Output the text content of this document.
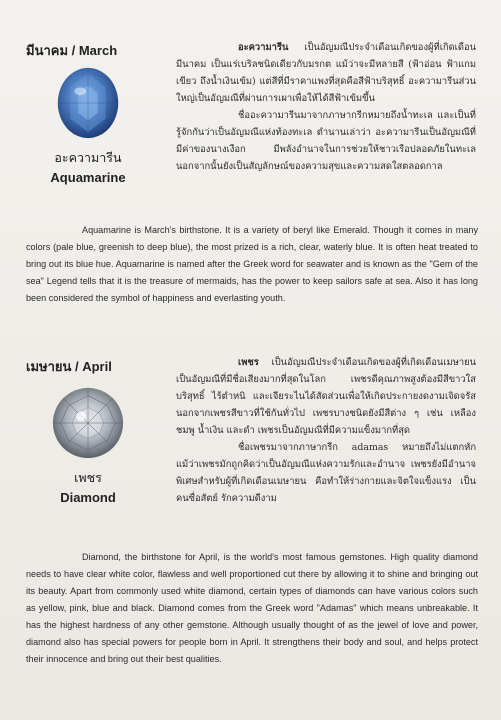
มีนาคม / March
อะความารีน
Aquamarine

อะความารีน เป็นอัญมณีประจำเดือนเกิดของผู้ที่เกิดเดือนมีนาคม เป็นแร่เบริลชนิดเดียวกับมรกต แม้ว่าจะมีหลายสี (ฟ้าอ่อน ฟ้าแกมเขียว ถึงน้ำเงินเข้ม) แต่สีที่มีราคาแพงที่สุดคือสีฟ้าบริสุทธิ์ อะความารีนส่วนใหญ่เป็นอัญมณีที่ผ่านการเผาเพื่อให้ได้สีฟ้าเข้มขึ้น

ชื่ออะความารีนมาจากภาษากรีกหมายถึงน้ำทะเล และเป็นที่รู้จักกันว่าเป็นอัญมณีแห่งท้องทะเล ตำนานเล่าว่า อะความารีนเป็นอัญมณีที่มีค่าของนางเงือก มีพลังอำนาจในการช่วยให้ชาวเรือปลอดภัยในทะเล นอกจากนั้นยังเป็นสัญลักษณ์ของความสุขและความสดใสตลอดกาล

Aquamarine is March's birthstone. It is a variety of beryl like Emerald. Though it comes in many colors (pale blue, greenish to deep blue), the most prized is a rich, clear, waterly blue. It is often heat treated to bring out its blue hue. Aquamarine is named after the Greek word for seawater and is known as the "Gem of the sea" Legend tells that it is the treasure of mermaids, has the power to keep sailors safe at sea. Also it has long been considered the symbol of happiness and everlasting youth.

เมษายน / April
เพชร
Diamond

เพชร เป็นอัญมณีประจำเดือนเกิดของผู้ที่เกิดเดือนเมษายน เป็นอัญมณีที่มีชื่อเสียงมากที่สุดในโลก เพชรดีคุณภาพสูงต้องมีสีขาวใสบริสุทธิ์ ไร้ตำหนิ และเจียระไนได้สัดส่วนเพื่อให้เกิดประกายงดงามเจิดจรัส นอกจากเพชรสีขาวที่ใช้กันทั่วไป เพชรบางชนิดยังมีสีต่าง ๆ เช่น เหลือง ชมพู น้ำเงิน และดำ เพชรเป็นอัญมณีที่มีความแข็งมากที่สุด

ชื่อเพชรมาจากภาษากรีก adamas หมายถึงไม่แตกหัก แม้ว่าเพชรมักถูกคิดว่าเป็นอัญมณีแห่งความรักและอำนาจ เพชรยังมีอำนาจพิเศษสำหรับผู้ที่เกิดเดือนเมษายน คือทำให้ร่างกายและจิตใจแข็งแรง เป็นคนซื่อสัตย์ รักความดีงาม

Diamond, the birthstone for April, is the world's most famous gemstones. High quality diamond needs to have clear white color, flawless and well proportioned cut there by allowing it to shine and bringing out its beauty. Apart from commonly used white diamond, certain types of diamonds can have various colors such as yellow, pink, blue and black. Diamond comes from the Greek word "Adamas" which means unbreakable. It has the highest hardness of any other gemstone. Although usually thought of as the jewel of love and power, diamond also has special powers for people born in April. It strengthens their body and soul, and helps protect their innocence and bring out their best qualities.
